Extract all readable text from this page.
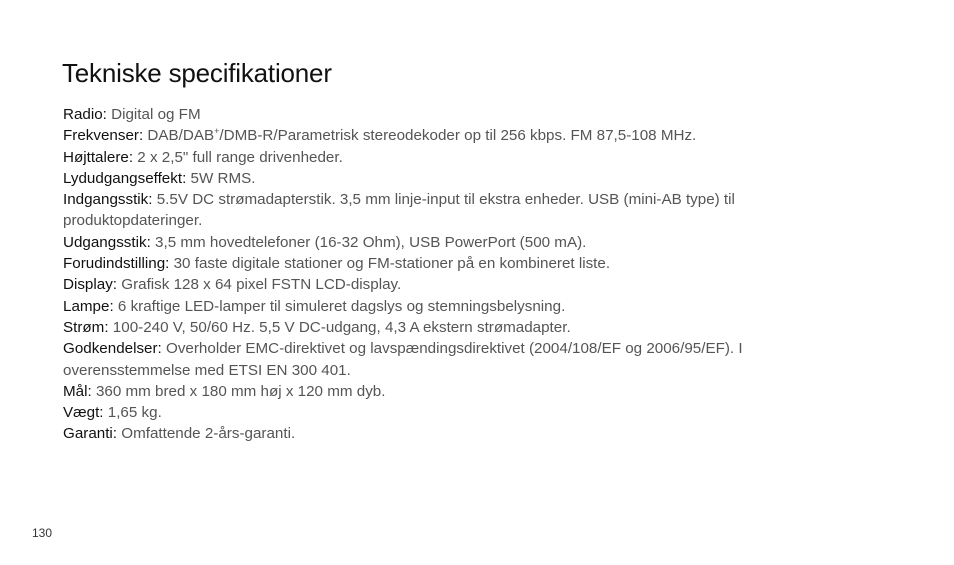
Tekniske specifikationer
Radio: Digital og FM
Frekvenser: DAB/DAB+/DMB-R/Parametrisk stereodekoder op til 256 kbps. FM 87,5-108 MHz.
Højttalere: 2 x 2,5" full range drivenheder.
Lydudgangseffekt: 5W RMS.
Indgangsstik: 5.5V DC strømadapterstik. 3,5 mm linje-input til ekstra enheder. USB (mini-AB type) til produktopdateringer.
Udgangsstik: 3,5 mm hovedtelefoner (16-32 Ohm), USB PowerPort (500 mA).
Forudindstilling: 30 faste digitale stationer og FM-stationer på en kombineret liste.
Display: Grafisk 128 x 64 pixel FSTN LCD-display.
Lampe: 6 kraftige LED-lamper til simuleret dagslys og stemningsbelysning.
Strøm: 100-240 V, 50/60 Hz. 5,5 V DC-udgang, 4,3 A ekstern strømadapter.
Godkendelser: Overholder EMC-direktivet og lavspændingsdirektivet (2004/108/EF og 2006/95/EF). I overensstemmelse med ETSI EN 300 401.
Mål: 360 mm bred x 180 mm høj x 120 mm dyb.
Vægt: 1,65 kg.
Garanti: Omfattende 2-års-garanti.
130
